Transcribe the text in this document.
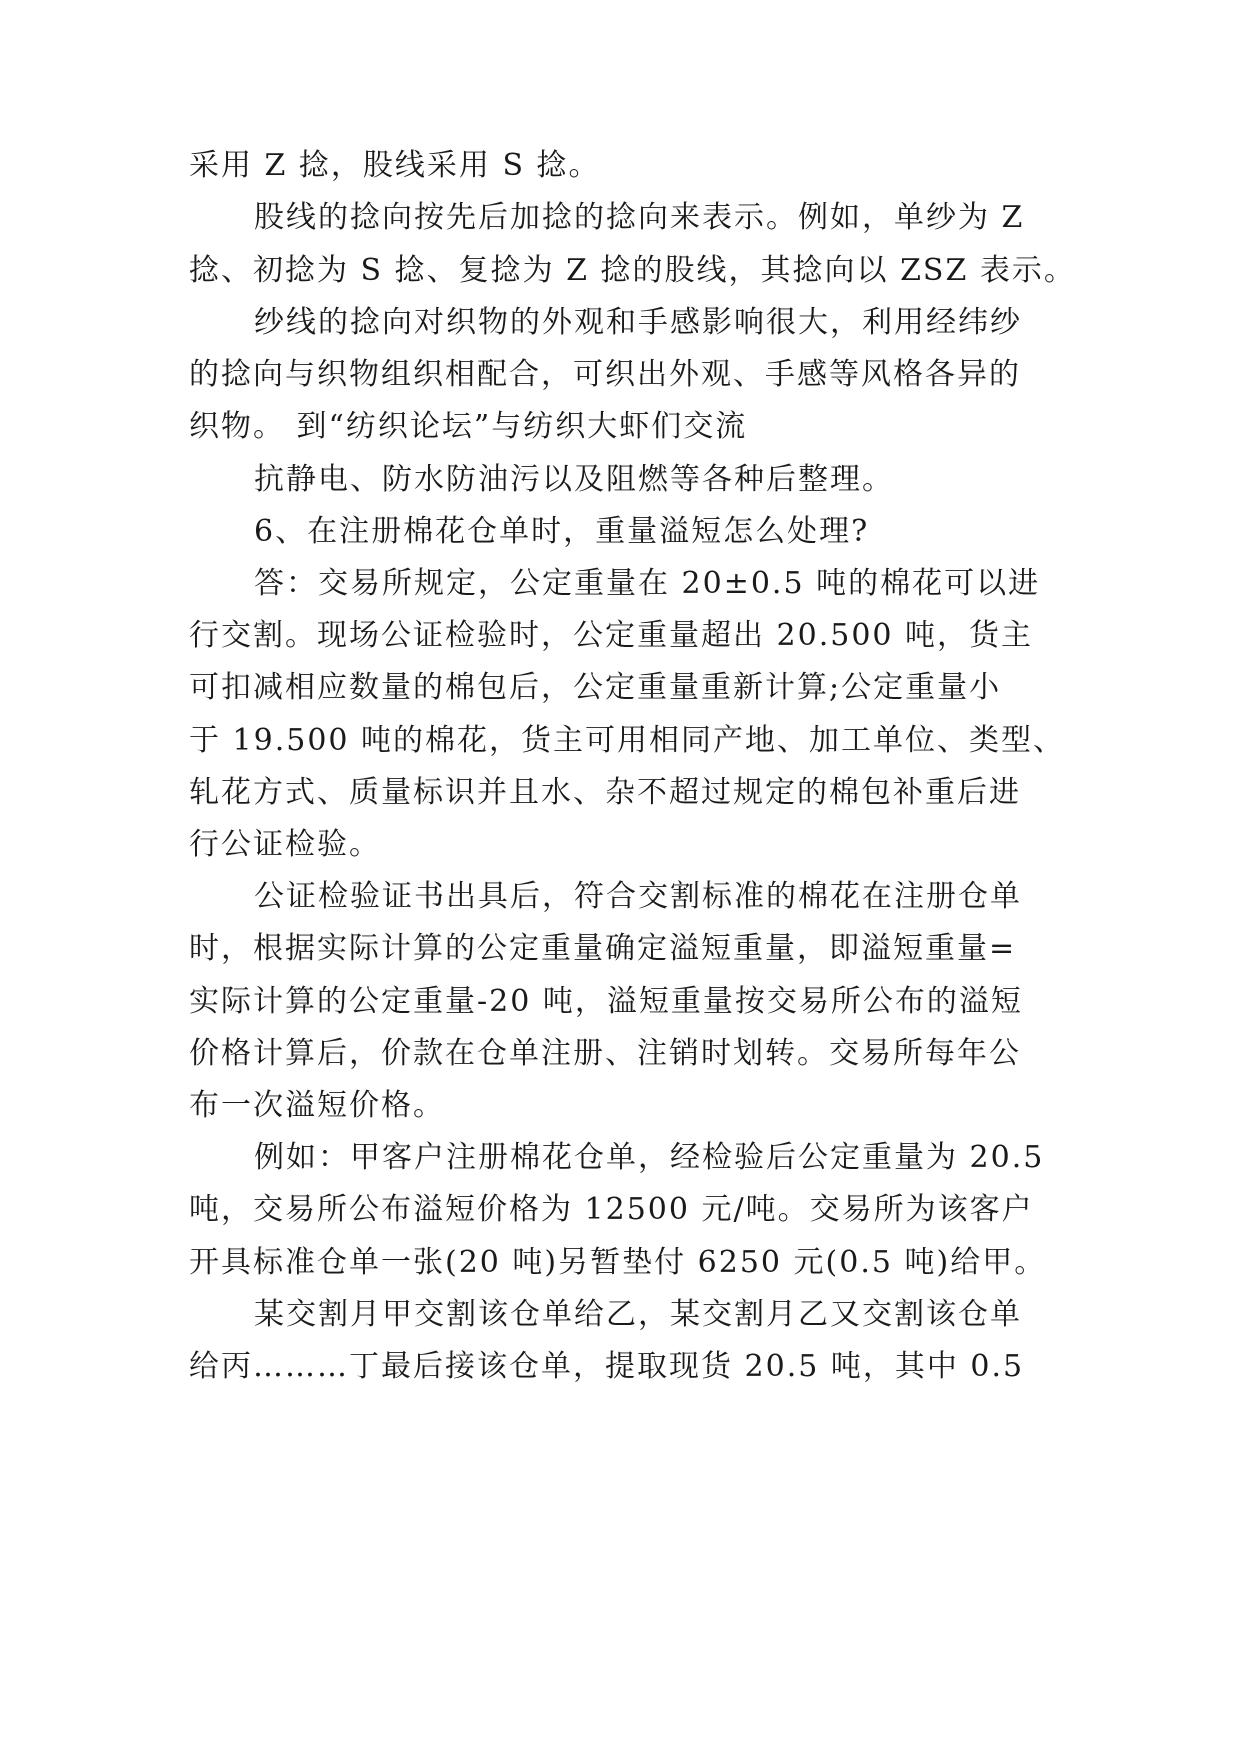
采用 Z 捻，股线采用 S 捻。

股线的捻向按先后加捻的捻向来表示。例如，单纱为 Z

捻、初捻为 S 捻、复捻为 Z 捻的股线，其捻向以 ZSZ 表示。

纱线的捻向对织物的外观和手感影响很大，利用经纬纱

的捻向与织物组织相配合，可织出外观、手感等风格各异的

织物。 到“纺织论坛”与纺织大虾们交流

抗静电、防水防油污以及阻燃等各种后整理。

6、在注册棉花仓单时，重量溢短怎么处理?

答：交易所规定，公定重量在 20±0.5 吨的棉花可以进

行交割。现场公证检验时，公定重量超出 20.500 吨，货主

可扣减相应数量的棉包后，公定重量重新计算;公定重量小

于 19.500 吨的棉花，货主可用相同产地、加工单位、类型、

轧花方式、质量标识并且水、杂不超过规定的棉包补重后进

行公证检验。

公证检验证书出具后，符合交割标准的棉花在注册仓单

时，根据实际计算的公定重量确定溢短重量，即溢短重量=

实际计算的公定重量-20 吨，溢短重量按交易所公布的溢短

价格计算后，价款在仓单注册、注销时划转。交易所每年公

布一次溢短价格。

例如：甲客户注册棉花仓单，经检验后公定重量为 20.5

吨，交易所公布溢短价格为 12500 元/吨。交易所为该客户

开具标准仓单一张(20 吨)另暂垫付 6250 元(0.5 吨)给甲。

某交割月甲交割该仓单给乙，某交割月乙又交割该仓单

给丙………丁最后接该仓单，提取现货 20.5 吨，其中 0.5
